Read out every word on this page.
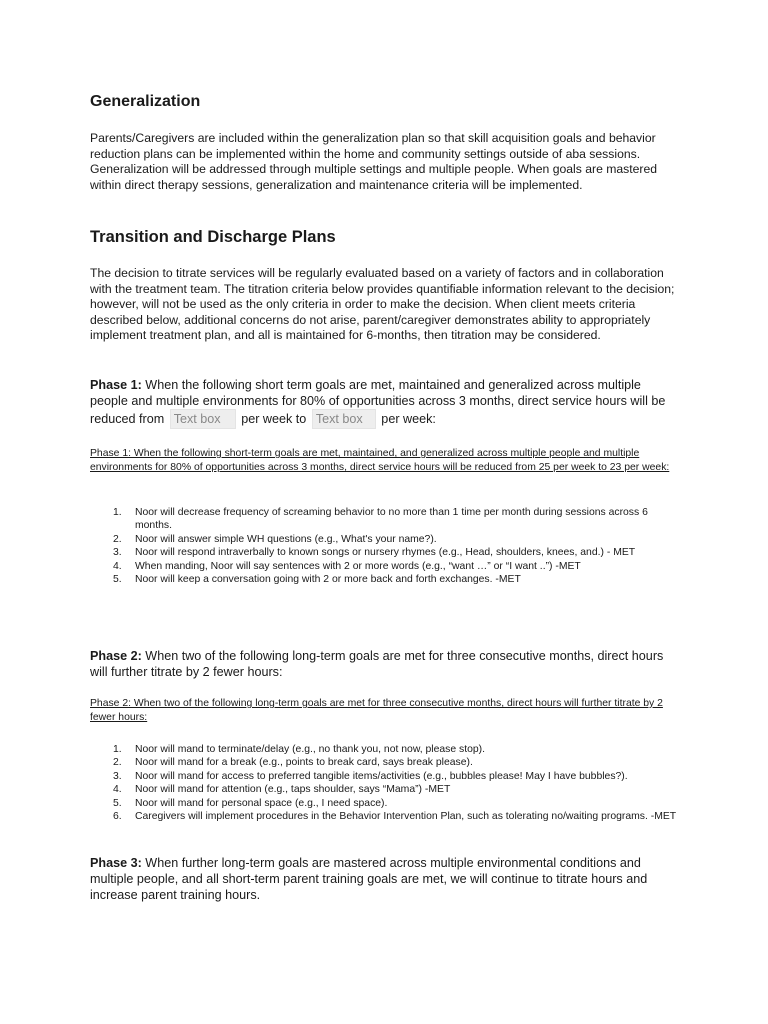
Generalization

Parents/Caregivers are included within the generalization plan so that skill acquisition goals and behavior reduction plans can be implemented within the home and community settings outside of aba sessions. Generalization will be addressed through multiple settings and multiple people. When goals are mastered within direct therapy sessions, generalization and maintenance criteria will be implemented.

Transition and Discharge Plans

The decision to titrate services will be regularly evaluated based on a variety of factors and in collaboration with the treatment team. The titration criteria below provides quantifiable information relevant to the decision; however, will not be used as the only criteria in order to make the decision. When client meets criteria described below, additional concerns do not arise, parent/caregiver demonstrates ability to appropriately implement treatment plan, and all is maintained for 6-months, then titration may be considered.

Phase 1: When the following short term goals are met, maintained and generalized across multiple people and multiple environments for 80% of opportunities across 3 months, direct service hours will be reduced from Text box per week to Text box per week:

Phase 1: When the following short-term goals are met, maintained, and generalized across multiple people and multiple environments for 80% of opportunities across 3 months, direct service hours will be reduced from 25 per week to 23 per week:

1. Noor will decrease frequency of screaming behavior to no more than 1 time per month during sessions across 6 months.
2. Noor will answer simple WH questions (e.g., What's your name?).
3. Noor will respond intraverbally to known songs or nursery rhymes (e.g., Head, shoulders, knees, and.) - MET
4. When manding, Noor will say sentences with 2 or more words (e.g., “want …” or “I want ..”) -MET
5. Noor will keep a conversation going with 2 or more back and forth exchanges. -MET

Phase 2: When two of the following long-term goals are met for three consecutive months, direct hours will further titrate by 2 fewer hours:

Phase 2: When two of the following long-term goals are met for three consecutive months, direct hours will further titrate by 2 fewer hours:

1. Noor will mand to terminate/delay (e.g., no thank you, not now, please stop).
2. Noor will mand for a break (e.g., points to break card, says break please).
3. Noor will mand for access to preferred tangible items/activities (e.g., bubbles please! May I have bubbles?).
4. Noor will mand for attention (e.g., taps shoulder, says “Mama”) -MET
5. Noor will mand for personal space (e.g., I need space).
6. Caregivers will implement procedures in the Behavior Intervention Plan, such as tolerating no/waiting programs. -MET

Phase 3: When further long-term goals are mastered across multiple environmental conditions and multiple people, and all short-term parent training goals are met, we will continue to titrate hours and increase parent training hours.
